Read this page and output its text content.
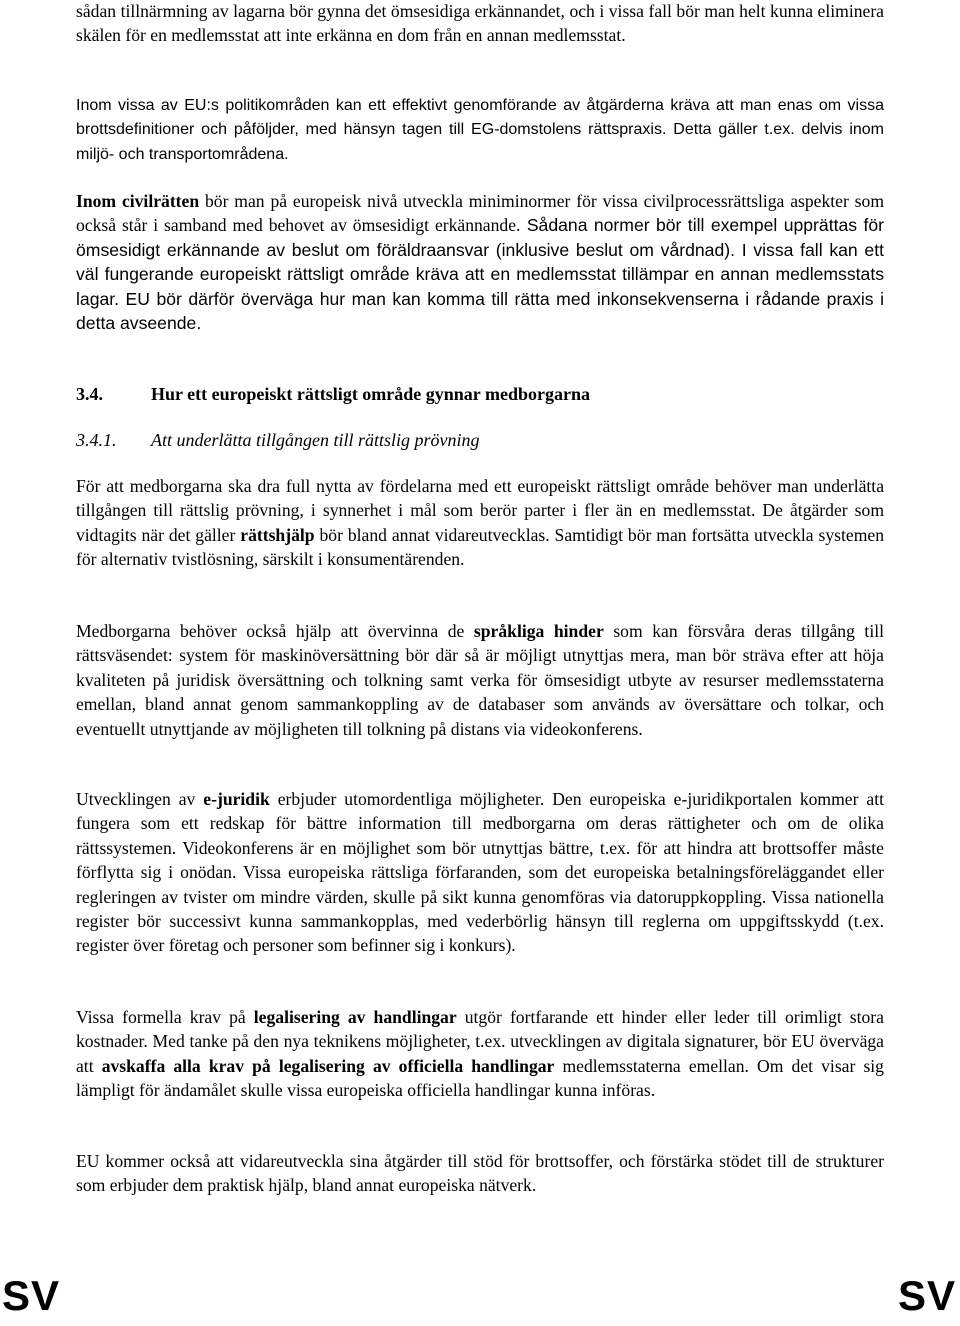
sådan tillnärmning av lagarna bör gynna det ömsesidiga erkännandet, och i vissa fall bör man helt kunna eliminera skälen för en medlemsstat att inte erkänna en dom från en annan medlemsstat.

Inom vissa av EU:s politikområden kan ett effektivt genomförande av åtgärderna kräva att man enas om vissa brottsdefinitioner och påföljder, med hänsyn tagen till EG-domstolens rättspraxis. Detta gäller t.ex. delvis inom miljö- och transportområdena.

Inom civilrätten bör man på europeisk nivå utveckla miniminormer för vissa civilprocessrättsliga aspekter som också står i samband med behovet av ömsesidigt erkännande. Sådana normer bör till exempel upprättas för ömsesidigt erkännande av beslut om föräldraansvar (inklusive beslut om vårdnad). I vissa fall kan ett väl fungerande europeiskt rättsligt område kräva att en medlemsstat tillämpar en annan medlemsstats lagar. EU bör därför överväga hur man kan komma till rätta med inkonsekvenserna i rådande praxis i detta avseende.

3.4.	Hur ett europeiskt rättsligt område gynnar medborgarna
3.4.1. Att underlätta tillgången till rättslig prövning

För att medborgarna ska dra full nytta av fördelarna med ett europeiskt rättsligt område behöver man underlätta tillgången till rättslig prövning, i synnerhet i mål som berör parter i fler än en medlemsstat. De åtgärder som vidtagits när det gäller rättshjälp bör bland annat vidareutvecklas. Samtidigt bör man fortsätta utveckla systemen för alternativ tvistlösning, särskilt i konsumentärenden.

Medborgarna behöver också hjälp att övervinna de språkliga hinder som kan försvåra deras tillgång till rättsväsendet: system för maskinöversättning bör där så är möjligt utnyttjas mera, man bör sträva efter att höja kvaliteten på juridisk översättning och tolkning samt verka för ömsesidigt utbyte av resurser medlemsstaterna emellan, bland annat genom sammankoppling av de databaser som används av översättare och tolkar, och eventuellt utnyttjande av möjligheten till tolkning på distans via videokonferens.

Utvecklingen av e-juridik erbjuder utomordentliga möjligheter. Den europeiska e-juridikportalen kommer att fungera som ett redskap för bättre information till medborgarna om deras rättigheter och om de olika rättssystemen. Videokonferens är en möjlighet som bör utnyttjas bättre, t.ex. för att hindra att brottsoffer måste förflytta sig i onödan. Vissa europeiska rättsliga förfaranden, som det europeiska betalningsföreläggandet eller regleringen av tvister om mindre värden, skulle på sikt kunna genomföras via datoruppkoppling. Vissa nationella register bör successivt kunna sammankopplas, med vederbörlig hänsyn till reglerna om uppgiftsskydd (t.ex. register över företag och personer som befinner sig i konkurs).

Vissa formella krav på legalisering av handlingar utgör fortfarande ett hinder eller leder till orimligt stora kostnader. Med tanke på den nya teknikens möjligheter, t.ex. utvecklingen av digitala signaturer, bör EU överväga att avskaffa alla krav på legalisering av officiella handlingar medlemsstaterna emellan. Om det visar sig lämpligt för ändamålet skulle vissa europeiska officiella handlingar kunna införas.

EU kommer också att vidareutveckla sina åtgärder till stöd för brottsoffer, och förstärka stödet till de strukturer som erbjuder dem praktisk hjälp, bland annat europeiska nätverk.

SV	SV
